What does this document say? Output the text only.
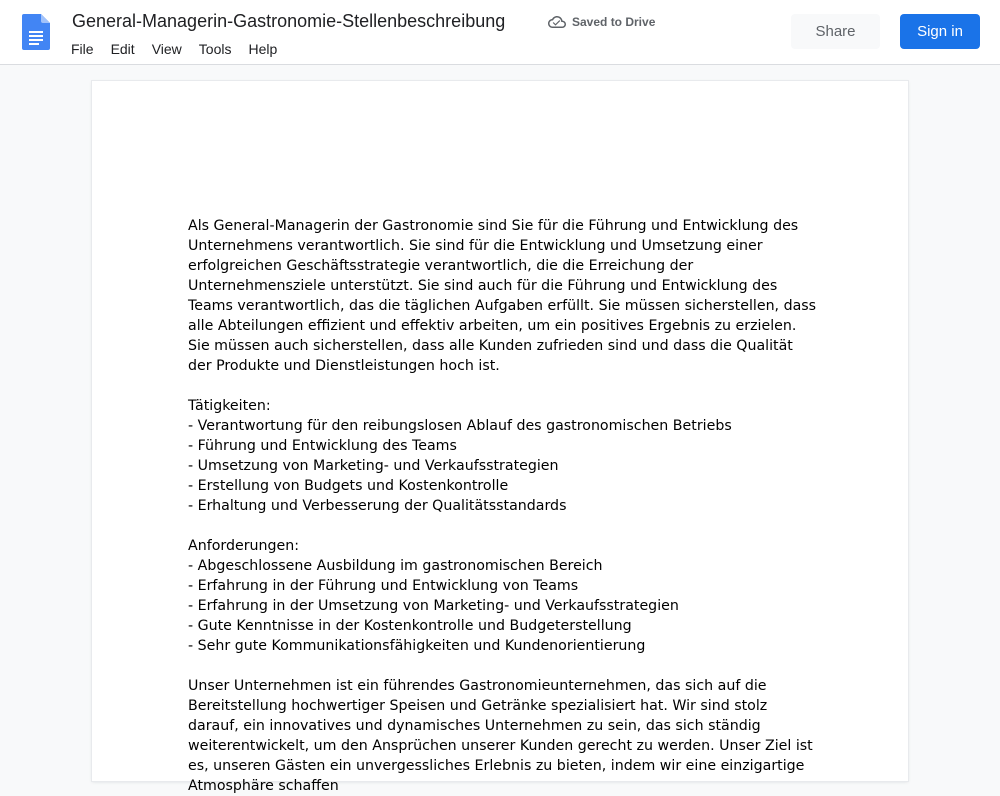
General-Managerin-Gastronomie-Stellenbeschreibung	Saved to Drive
File Edit View Tools Help
Share	Sign in

Als General-Managerin der Gastronomie sind Sie für die Führung und Entwicklung des Unternehmens verantwortlich. Sie sind für die Entwicklung und Umsetzung einer erfolgreichen Geschäftsstrategie verantwortlich, die die Erreichung der Unternehmensziele unterstützt. Sie sind auch für die Führung und Entwicklung des Teams verantwortlich, das die täglichen Aufgaben erfüllt. Sie müssen sicherstellen, dass alle Abteilungen effizient und effektiv arbeiten, um ein positives Ergebnis zu erzielen. Sie müssen auch sicherstellen, dass alle Kunden zufrieden sind und dass die Qualität der Produkte und Dienstleistungen hoch ist.

Tätigkeiten:

- Verantwortung für den reibungslosen Ablauf des gastronomischen Betriebs

- Führung und Entwicklung des Teams

- Umsetzung von Marketing- und Verkaufsstrategien

- Erstellung von Budgets und Kostenkontrolle

- Erhaltung und Verbesserung der Qualitätsstandards

Anforderungen:

- Abgeschlossene Ausbildung im gastronomischen Bereich

- Erfahrung in der Führung und Entwicklung von Teams

- Erfahrung in der Umsetzung von Marketing- und Verkaufsstrategien

- Gute Kenntnisse in der Kostenkontrolle und Budgeterstellung

- Sehr gute Kommunikationsfähigkeiten und Kundenorientierung

Unser Unternehmen ist ein führendes Gastronomieunternehmen, das sich auf die Bereitstellung hochwertiger Speisen und Getränke spezialisiert hat. Wir sind stolz darauf, ein innovatives und dynamisches Unternehmen zu sein, das sich ständig weiterentwickelt, um den Ansprüchen unserer Kunden gerecht zu werden. Unser Ziel ist es, unseren Gästen ein unvergessliches Erlebnis zu bieten, indem wir eine einzigartige Atmosphäre schaffen
